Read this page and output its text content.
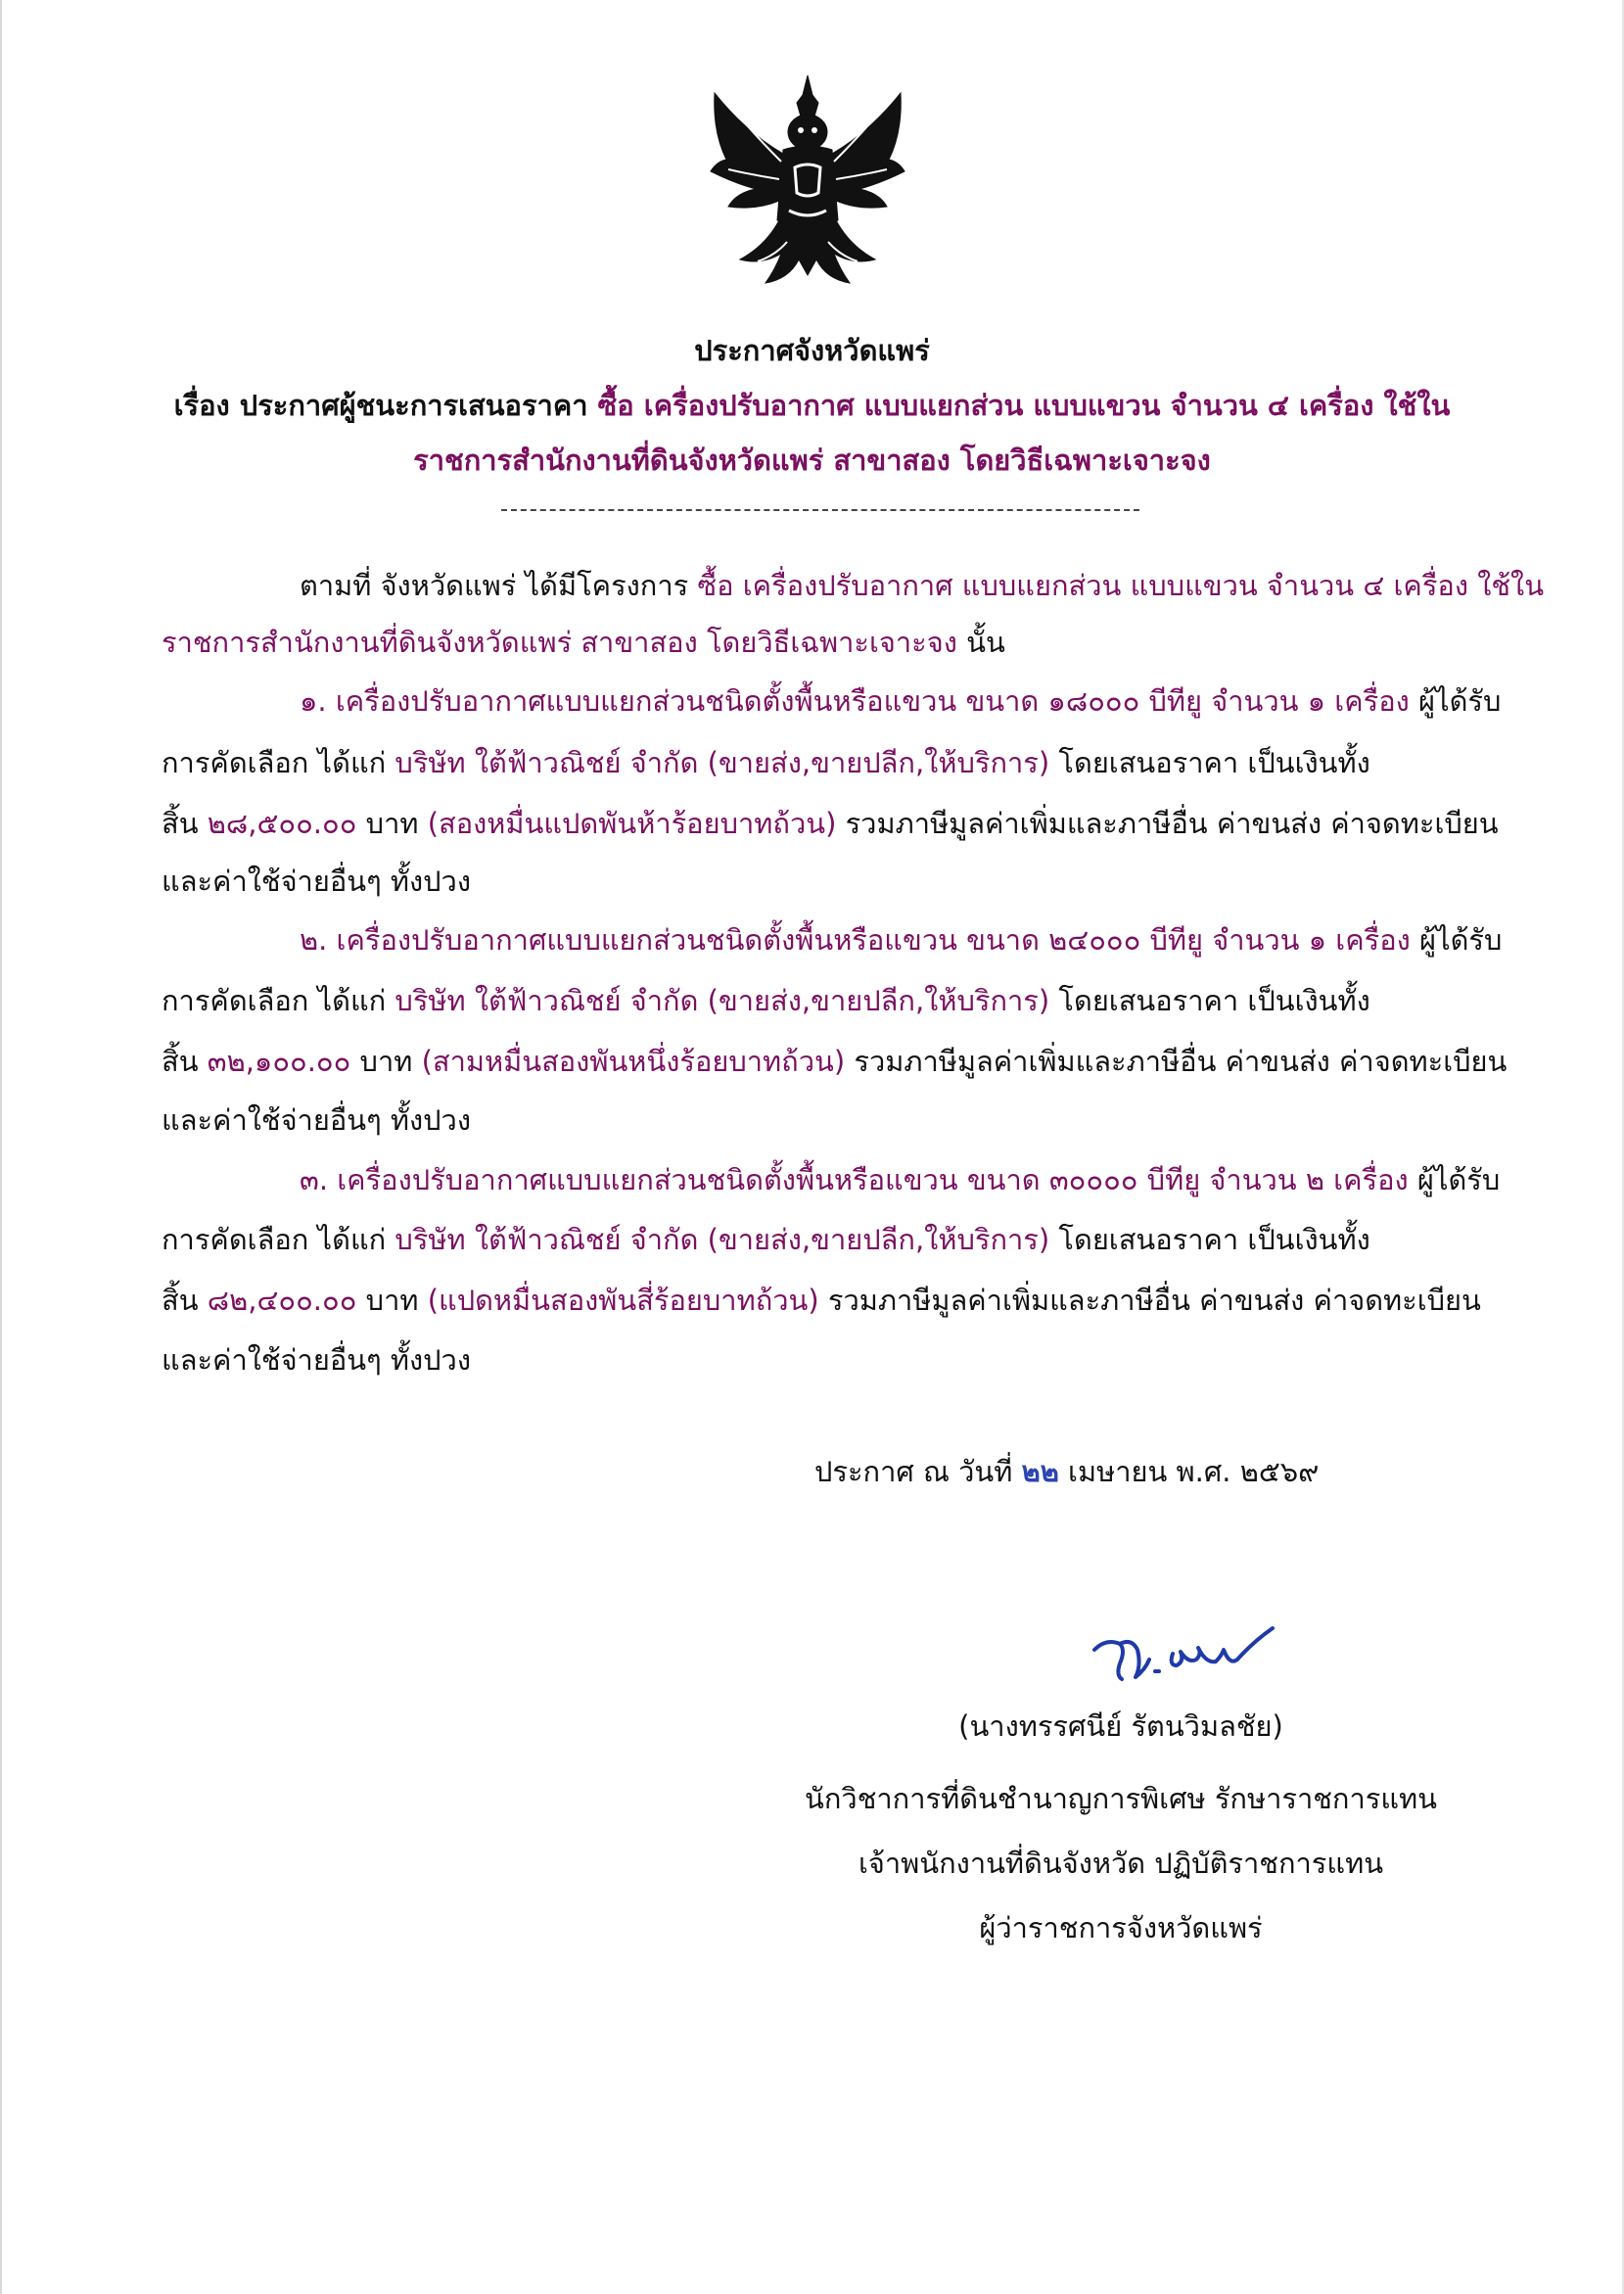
ประกาศจังหวัดแพร่
เรื่อง ประกาศผู้ชนะการเสนอราคา ซื้อ เครื่องปรับอากาศ แบบแยกส่วน แบบแขวน จำนวน ๔ เครื่อง ใช้ใน
ราชการสำนักงานที่ดินจังหวัดแพร่ สาขาสอง โดยวิธีเฉพาะเจาะจง
ตามที่ จังหวัดแพร่ ได้มีโครงการ ซื้อ เครื่องปรับอากาศ แบบแยกส่วน แบบแขวน จำนวน ๔ เครื่อง ใช้ใน
ราชการสำนักงานที่ดินจังหวัดแพร่ สาขาสอง โดยวิธีเฉพาะเจาะจง นั้น
๑. เครื่องปรับอากาศแบบแยกส่วนชนิดตั้งพื้นหรือแขวน ขนาด ๑๘๐๐๐ บีทียู จำนวน ๑ เครื่อง ผู้ได้รับ
การคัดเลือก ได้แก่ บริษัท ใต้ฟ้าวณิชย์ จำกัด (ขายส่ง,ขายปลีก,ให้บริการ) โดยเสนอราคา เป็นเงินทั้ง
สิ้น ๒๘,๕๐๐.๐๐ บาท (สองหมื่นแปดพันห้าร้อยบาทถ้วน) รวมภาษีมูลค่าเพิ่มและภาษีอื่น ค่าขนส่ง ค่าจดทะเบียน
และค่าใช้จ่ายอื่นๆ ทั้งปวง
๒. เครื่องปรับอากาศแบบแยกส่วนชนิดตั้งพื้นหรือแขวน ขนาด ๒๔๐๐๐ บีทียู จำนวน ๑ เครื่อง ผู้ได้รับ
การคัดเลือก ได้แก่ บริษัท ใต้ฟ้าวณิชย์ จำกัด (ขายส่ง,ขายปลีก,ให้บริการ) โดยเสนอราคา เป็นเงินทั้ง
สิ้น ๓๒,๑๐๐.๐๐ บาท (สามหมื่นสองพันหนึ่งร้อยบาทถ้วน) รวมภาษีมูลค่าเพิ่มและภาษีอื่น ค่าขนส่ง ค่าจดทะเบียน
และค่าใช้จ่ายอื่นๆ ทั้งปวง
๓. เครื่องปรับอากาศแบบแยกส่วนชนิดตั้งพื้นหรือแขวน ขนาด ๓๐๐๐๐ บีทียู จำนวน ๒ เครื่อง ผู้ได้รับ
การคัดเลือก ได้แก่ บริษัท ใต้ฟ้าวณิชย์ จำกัด (ขายส่ง,ขายปลีก,ให้บริการ) โดยเสนอราคา เป็นเงินทั้ง
สิ้น ๘๒,๔๐๐.๐๐ บาท (แปดหมื่นสองพันสี่ร้อยบาทถ้วน) รวมภาษีมูลค่าเพิ่มและภาษีอื่น ค่าขนส่ง ค่าจดทะเบียน
และค่าใช้จ่ายอื่นๆ ทั้งปวง
ประกาศ ณ วันที่ ๒๒ เมษายน พ.ศ. ๒๕๖๙
(นางทรรศนีย์ รัตนวิมลชัย)
นักวิชาการที่ดินชำนาญการพิเศษ รักษาราชการแทน
เจ้าพนักงานที่ดินจังหวัด ปฏิบัติราชการแทน
ผู้ว่าราชการจังหวัดแพร่
